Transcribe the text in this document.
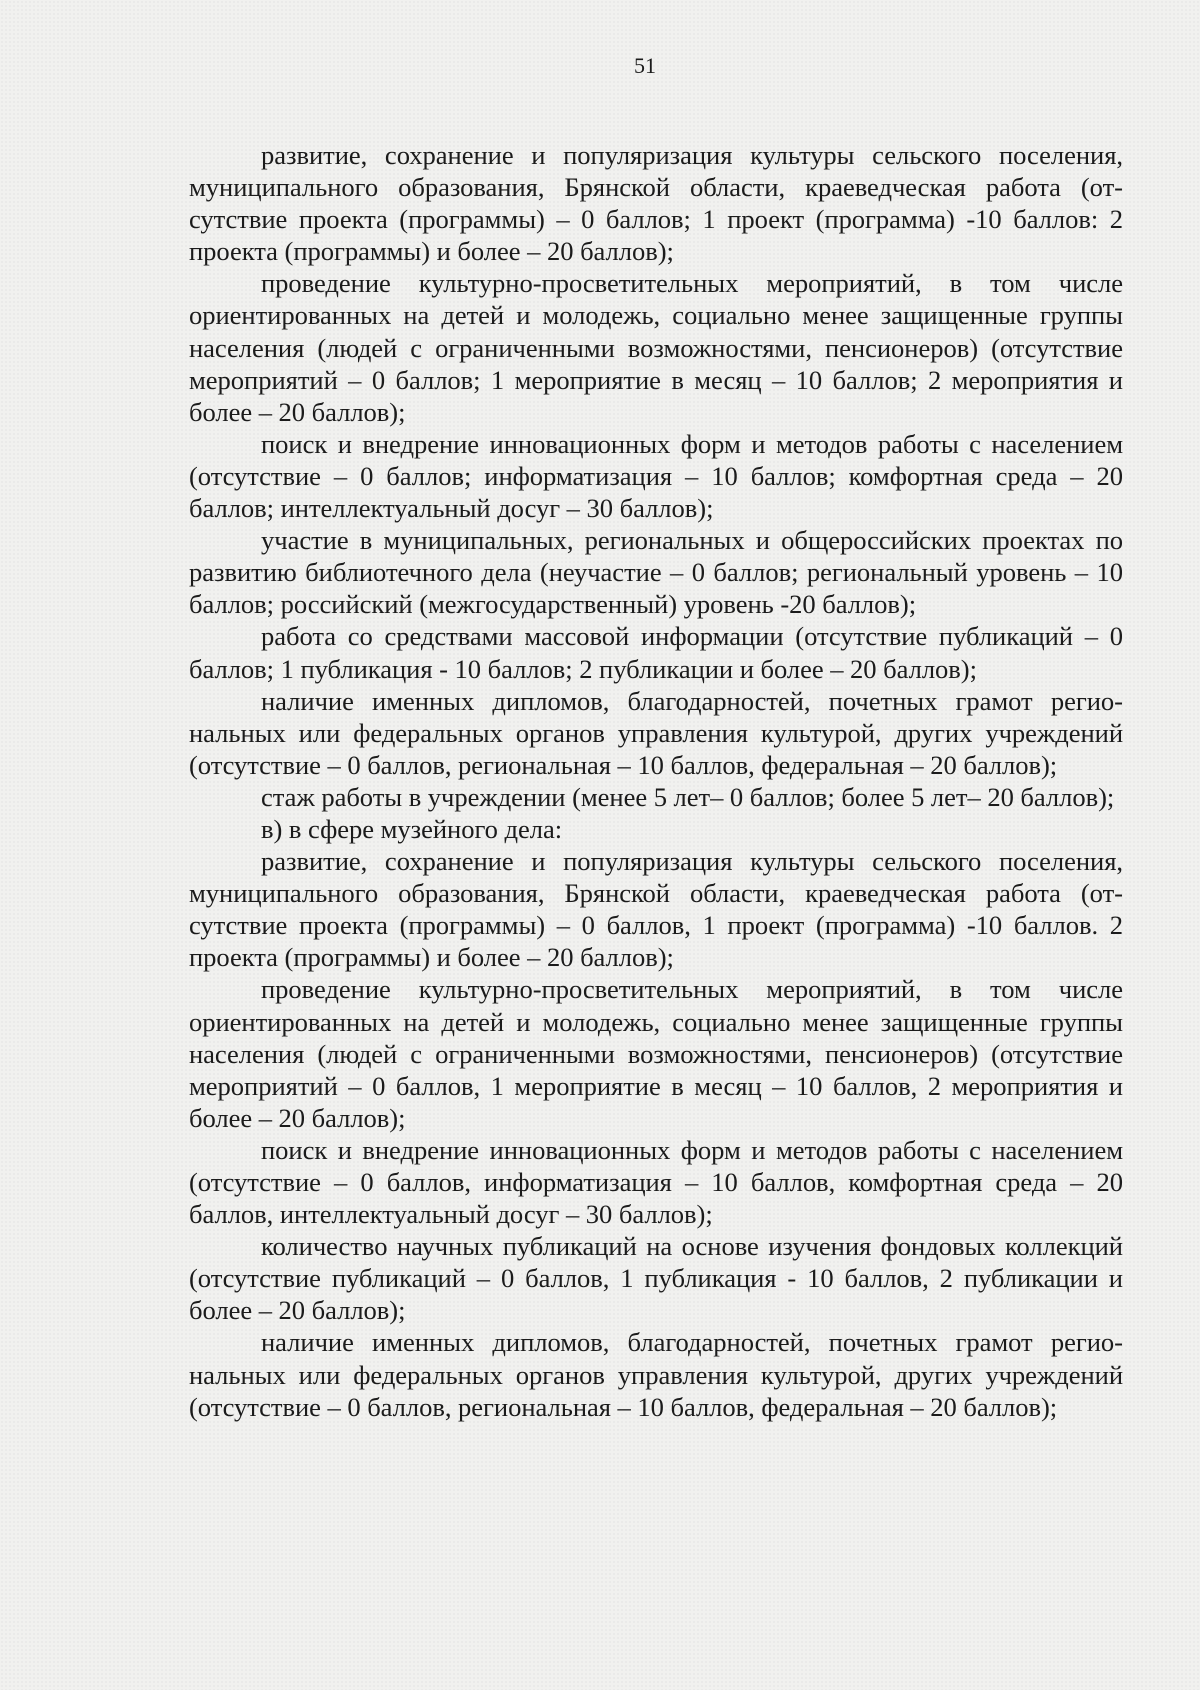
51

развитие, сохранение и популяризация культуры сельского поселения, муниципального образования, Брянской области, краеведческая работа (отсутствие проекта (программы) – 0 баллов; 1 проект (программа) -10 баллов: 2 проекта (программы) и более – 20 баллов);

проведение культурно-просветительных мероприятий, в том числе ориентированных на детей и молодежь, социально менее защищенные группы населения (людей с ограниченными возможностями, пенсионеров) (отсутствие мероприятий – 0 баллов; 1 мероприятие в месяц – 10 баллов; 2 мероприятия и более – 20 баллов);

поиск и внедрение инновационных форм и методов работы с населением (отсутствие – 0 баллов; информатизация – 10 баллов; комфортная среда – 20 баллов; интеллектуальный досуг – 30 баллов);

участие в муниципальных, региональных и общероссийских проектах по развитию библиотечного дела (неучастие – 0 баллов; региональный уровень – 10 баллов; российский (межгосударственный) уровень -20 баллов);

работа со средствами массовой информации (отсутствие публикаций – 0 баллов; 1 публикация - 10 баллов; 2 публикации и более – 20 баллов);

наличие именных дипломов, благодарностей, почетных грамот региональных или федеральных органов управления культурой, других учреждений (отсутствие – 0 баллов, региональная – 10 баллов, федеральная – 20 баллов);

стаж работы в учреждении (менее 5 лет– 0 баллов; более 5 лет– 20 баллов);

в) в сфере музейного дела:

развитие, сохранение и популяризация культуры сельского поселения, муниципального образования, Брянской области, краеведческая работа (отсутствие проекта (программы) – 0 баллов, 1 проект (программа) -10 баллов. 2 проекта (программы) и более – 20 баллов);

проведение культурно-просветительных мероприятий, в том числе ориентированных на детей и молодежь, социально менее защищенные группы населения (людей с ограниченными возможностями, пенсионеров) (отсутствие мероприятий – 0 баллов, 1 мероприятие в месяц – 10 баллов, 2 мероприятия и более – 20 баллов);

поиск и внедрение инновационных форм и методов работы с населением (отсутствие – 0 баллов, информатизация – 10 баллов, комфортная среда – 20 баллов, интеллектуальный досуг – 30 баллов);

количество научных публикаций на основе изучения фондовых коллекций (отсутствие публикаций – 0 баллов, 1 публикация - 10 баллов, 2 публикации и более – 20 баллов);

наличие именных дипломов, благодарностей, почетных грамот региональных или федеральных органов управления культурой, других учреждений (отсутствие – 0 баллов, региональная – 10 баллов, федеральная – 20 баллов);
